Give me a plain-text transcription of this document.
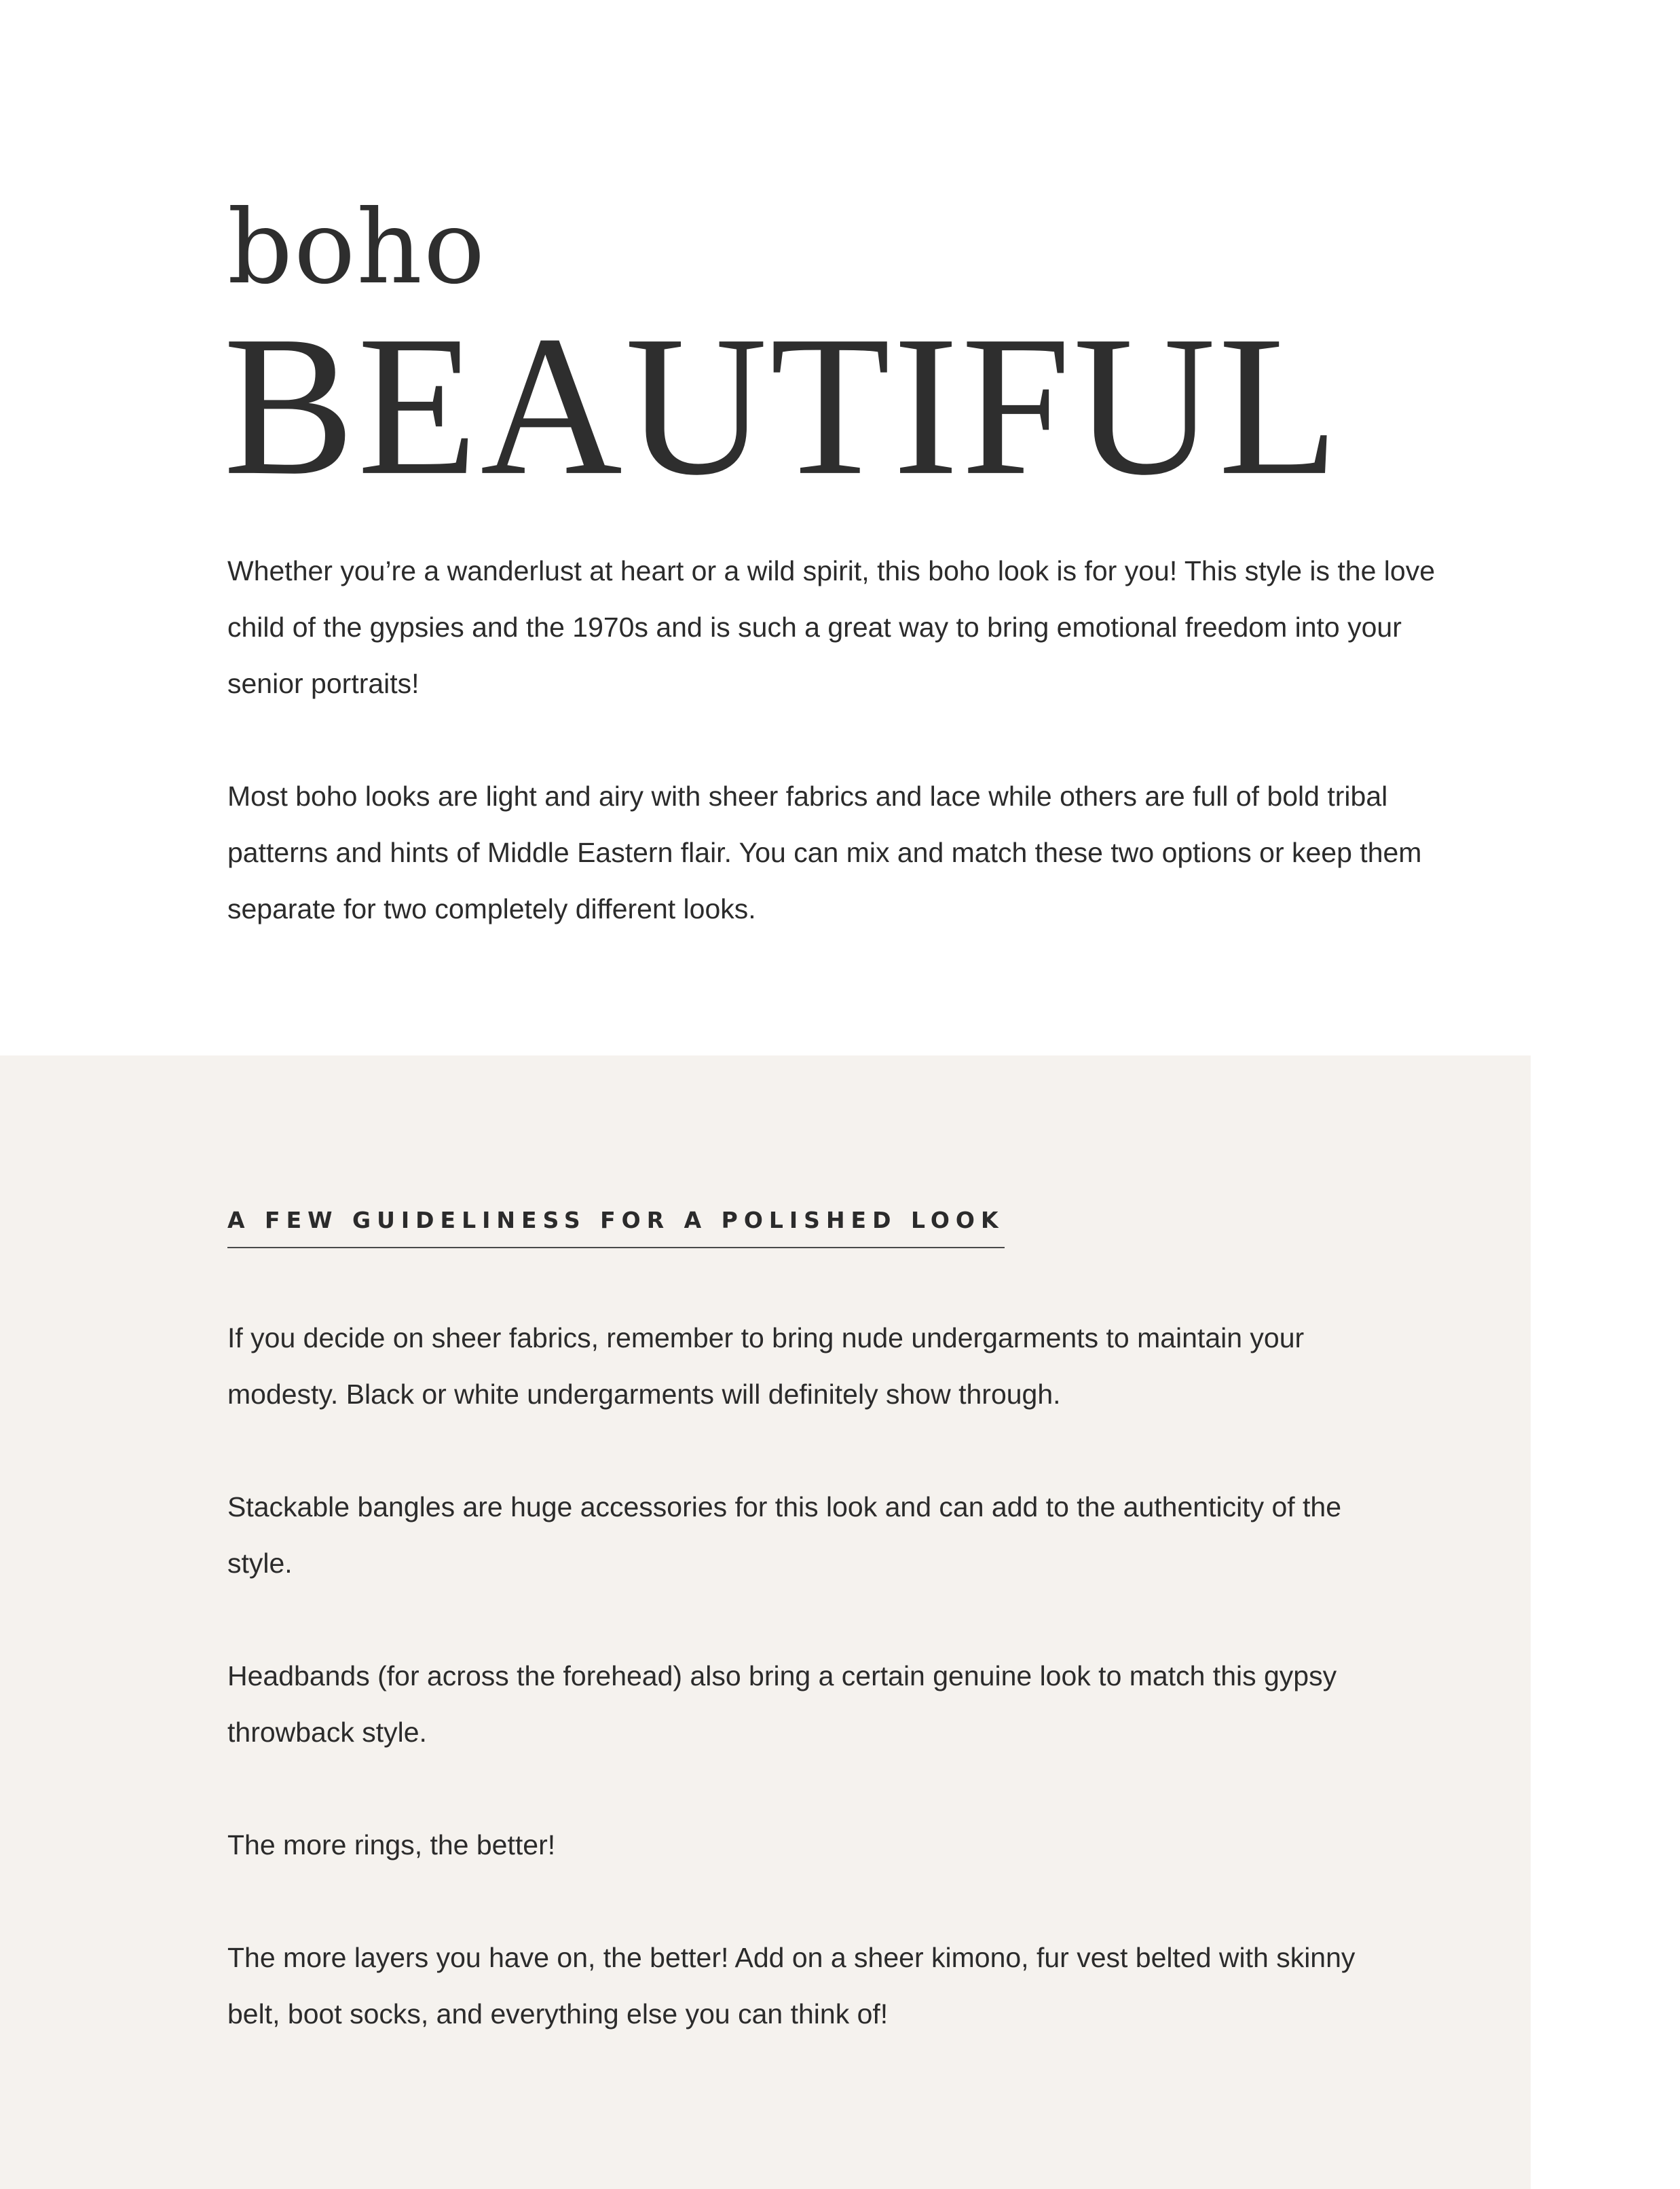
boho
BEAUTIFUL

Whether you’re a wanderlust at heart or a wild spirit, this boho look is for you! This style is the love child of the gypsies and the 1970s and is such a great way to bring emotional freedom into your senior portraits!

Most boho looks are light and airy with sheer fabrics and lace while others are full of bold tribal patterns and hints of Middle Eastern flair. You can mix and match these two options or keep them separate for two completely different looks.

A FEW GUIDELINESS FOR A POLISHED LOOK

If you decide on sheer fabrics, remember to bring nude undergarments to maintain your modesty. Black or white undergarments will definitely show through.

Stackable bangles are huge accessories for this look and can add to the authenticity of the style.

Headbands (for across the forehead) also bring a certain genuine look to match this gypsy throwback style.

The more rings, the better!

The more layers you have on, the better! Add on a sheer kimono, fur vest belted with skinny belt, boot socks, and everything else you can think of!
